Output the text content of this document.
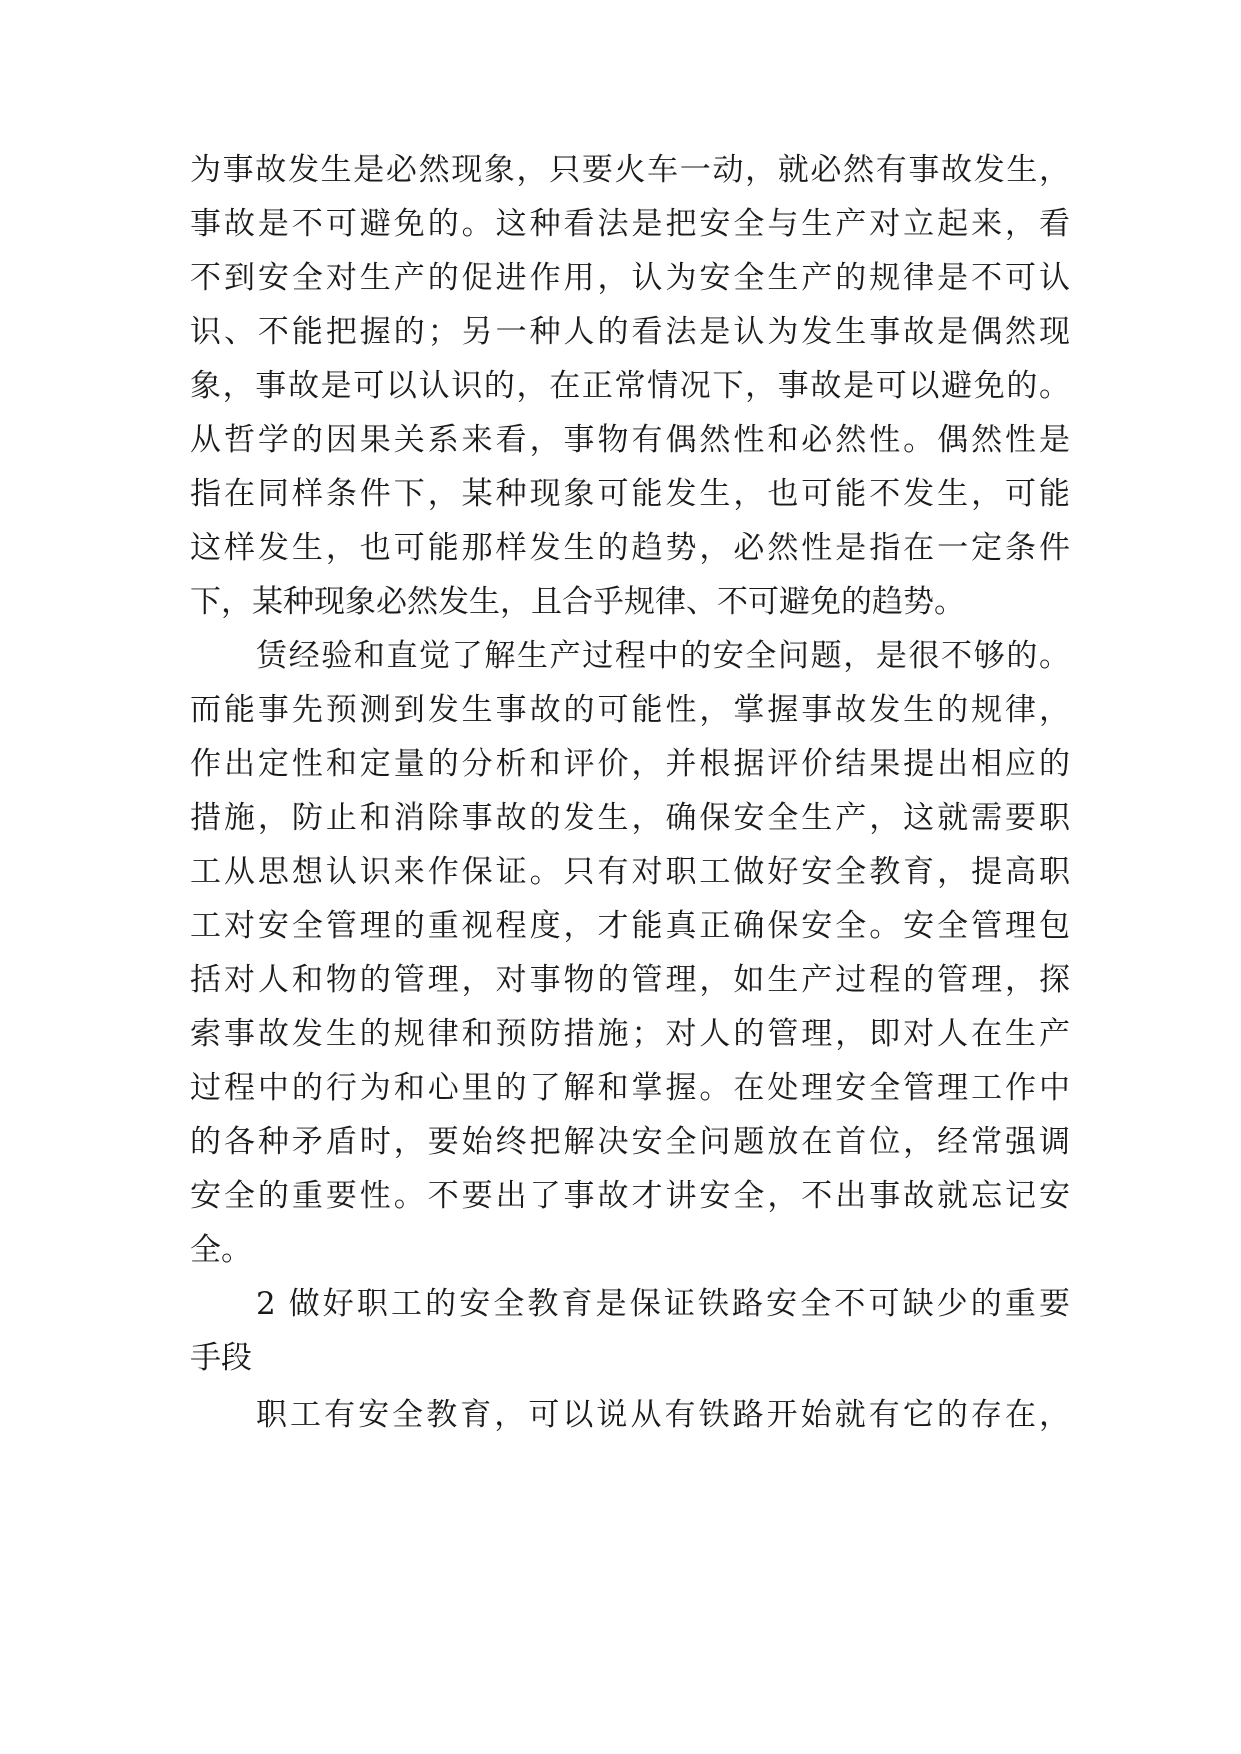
为事故发生是必然现象，只要火车一动，就必然有事故发生，
事故是不可避免的。这种看法是把安全与生产对立起来，看
不到安全对生产的促进作用，认为安全生产的规律是不可认
识、不能把握的；另一种人的看法是认为发生事故是偶然现
象，事故是可以认识的，在正常情况下，事故是可以避免的。
从哲学的因果关系来看，事物有偶然性和必然性。偶然性是
指在同样条件下，某种现象可能发生，也可能不发生，可能
这样发生，也可能那样发生的趋势，必然性是指在一定条件
下，某种现象必然发生，且合乎规律、不可避免的趋势。
赁经验和直觉了解生产过程中的安全问题，是很不够的。
而能事先预测到发生事故的可能性，掌握事故发生的规律，
作出定性和定量的分析和评价，并根据评价结果提出相应的
措施，防止和消除事故的发生，确保安全生产，这就需要职
工从思想认识来作保证。只有对职工做好安全教育，提高职
工对安全管理的重视程度，才能真正确保安全。安全管理包
括对人和物的管理，对事物的管理，如生产过程的管理，探
索事故发生的规律和预防措施；对人的管理，即对人在生产
过程中的行为和心里的了解和掌握。在处理安全管理工作中
的各种矛盾时，要始终把解决安全问题放在首位，经常强调
安全的重要性。不要出了事故才讲安全，不出事故就忘记安
全。
2 做好职工的安全教育是保证铁路安全不可缺少的重要
手段
职工有安全教育，可以说从有铁路开始就有它的存在，
